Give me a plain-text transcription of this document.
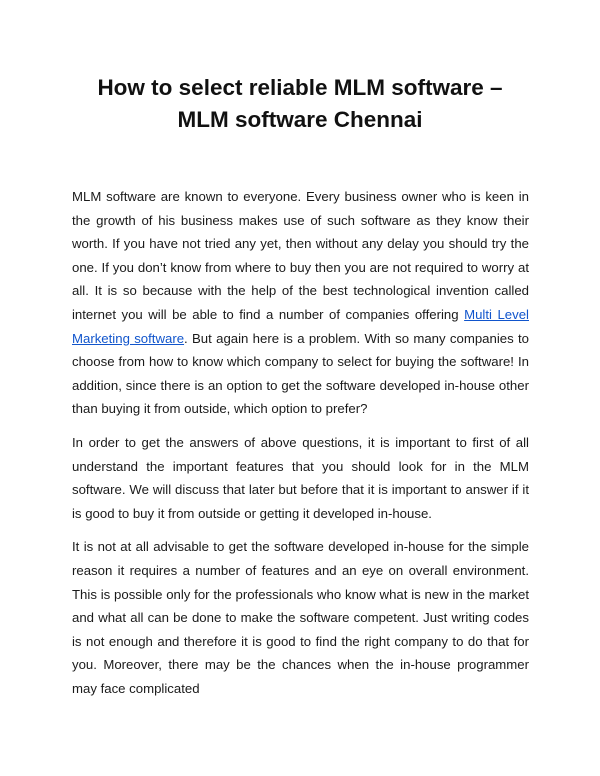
How to select reliable MLM software –
MLM software Chennai

MLM software are known to everyone. Every business owner who is keen in the growth of his business makes use of such software as they know their worth. If you have not tried any yet, then without any delay you should try the one. If you don’t know from where to buy then you are not required to worry at all. It is so because with the help of the best technological invention called internet you will be able to find a number of companies offering Multi Level Marketing software. But again here is a problem. With so many companies to choose from how to know which company to select for buying the software! In addition, since there is an option to get the software developed in-house other than buying it from outside, which option to prefer?

In order to get the answers of above questions, it is important to first of all understand the important features that you should look for in the MLM software. We will discuss that later but before that it is important to answer if it is good to buy it from outside or getting it developed in-house.

It is not at all advisable to get the software developed in-house for the simple reason it requires a number of features and an eye on overall environment. This is possible only for the professionals who know what is new in the market and what all can be done to make the software competent. Just writing codes is not enough and therefore it is good to find the right company to do that for you. Moreover, there may be the chances when the in-house programmer may face complicated
